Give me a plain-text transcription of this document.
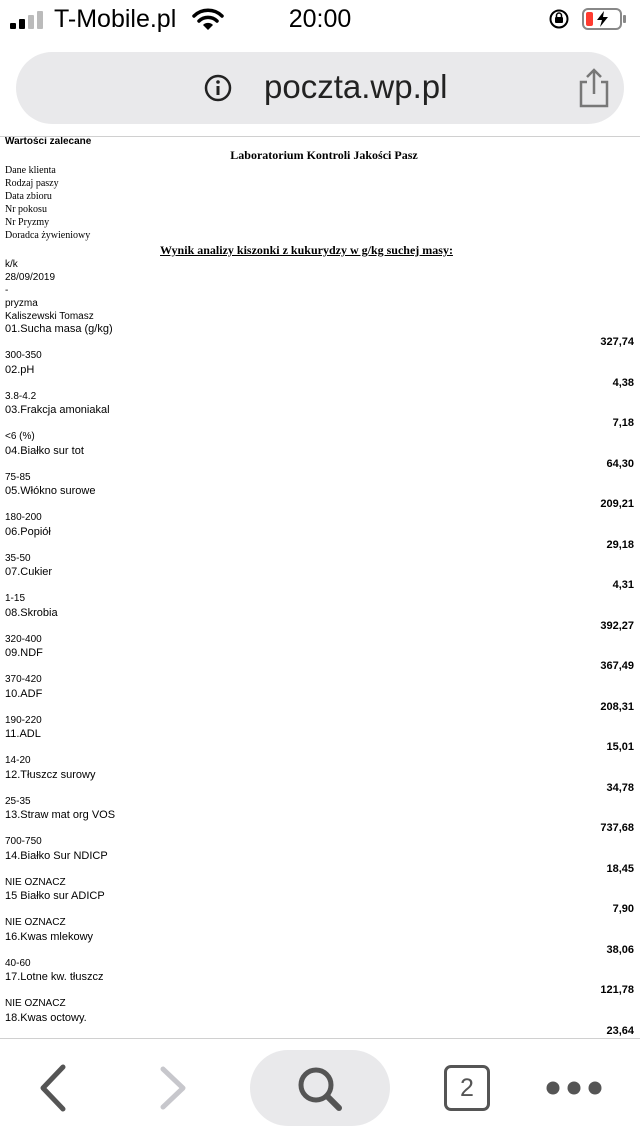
T-Mobile.pl	20:00
poczta.wp.pl
Wartości zalecane
Laboratorium Kontroli Jakości Pasz
Dane klienta
Rodzaj paszy
Data zbioru
Nr pokosu
Nr Pryzmy
Doradca żywieniowy
Wynik analizy kiszonki z kukurydzy w g/kg suchej masy:
k/k
28/09/2019
-
pryzma
Kaliszewski Tomasz
01.Sucha masa (g/kg)
327,74
300-350
02.pH
4,38
3.8-4.2
03.Frakcja amoniakal
7,18
<6 (%)
04.Białko sur tot
64,30
75-85
05.Włókno surowe
209,21
180-200
06.Popiół
29,18
35-50
07.Cukier
4,31
1-15
08.Skrobia
392,27
320-400
09.NDF
367,49
370-420
10.ADF
208,31
190-220
11.ADL
15,01
14-20
12.Tłuszcz surowy
34,78
25-35
13.Straw mat org VOS
737,68
700-750
14.Białko Sur NDICP
18,45
NIE OZNACZ
15 Białko sur ADICP
7,90
NIE OZNACZ
16.Kwas mlekowy
38,06
40-60
17.Lotne kw. tłuszcz
121,78
NIE OZNACZ
18.Kwas octowy.
23,64
2
